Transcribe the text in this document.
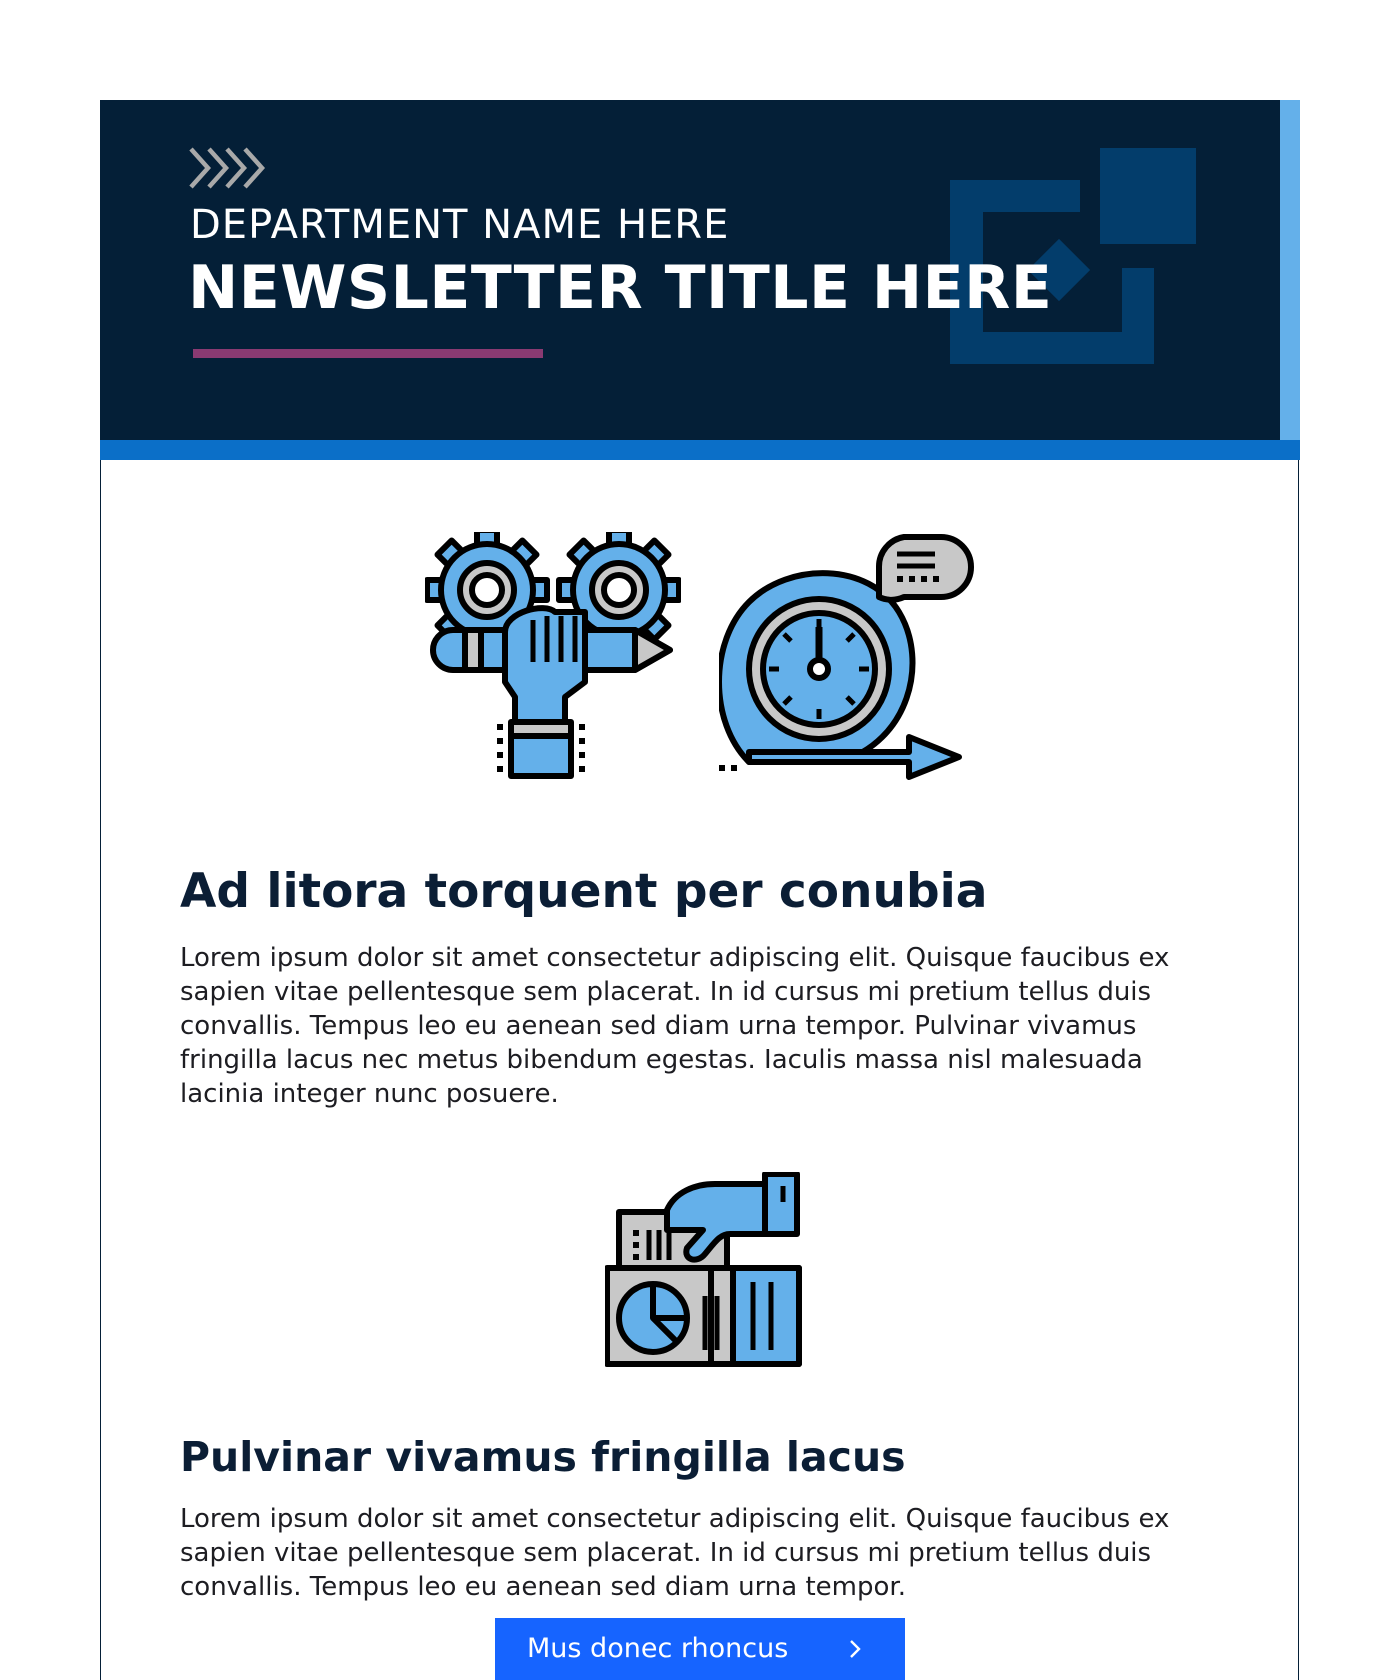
DEPARTMENT NAME HERE
NEWSLETTER TITLE HERE
Ad litora torquent per conubia

Lorem ipsum dolor sit amet consectetur adipiscing elit. Quisque faucibus ex sapien vitae pellentesque sem placerat. In id cursus mi pretium tellus duis convallis. Tempus leo eu aenean sed diam urna tempor. Pulvinar vivamus fringilla lacus nec metus bibendum egestas. Iaculis massa nisl malesuada lacinia integer nunc posuere.

Pulvinar vivamus fringilla lacus

Lorem ipsum dolor sit amet consectetur adipiscing elit. Quisque faucibus ex sapien vitae pellentesque sem placerat. In id cursus mi pretium tellus duis convallis. Tempus leo eu aenean sed diam urna tempor.

Mus donec rhoncus
